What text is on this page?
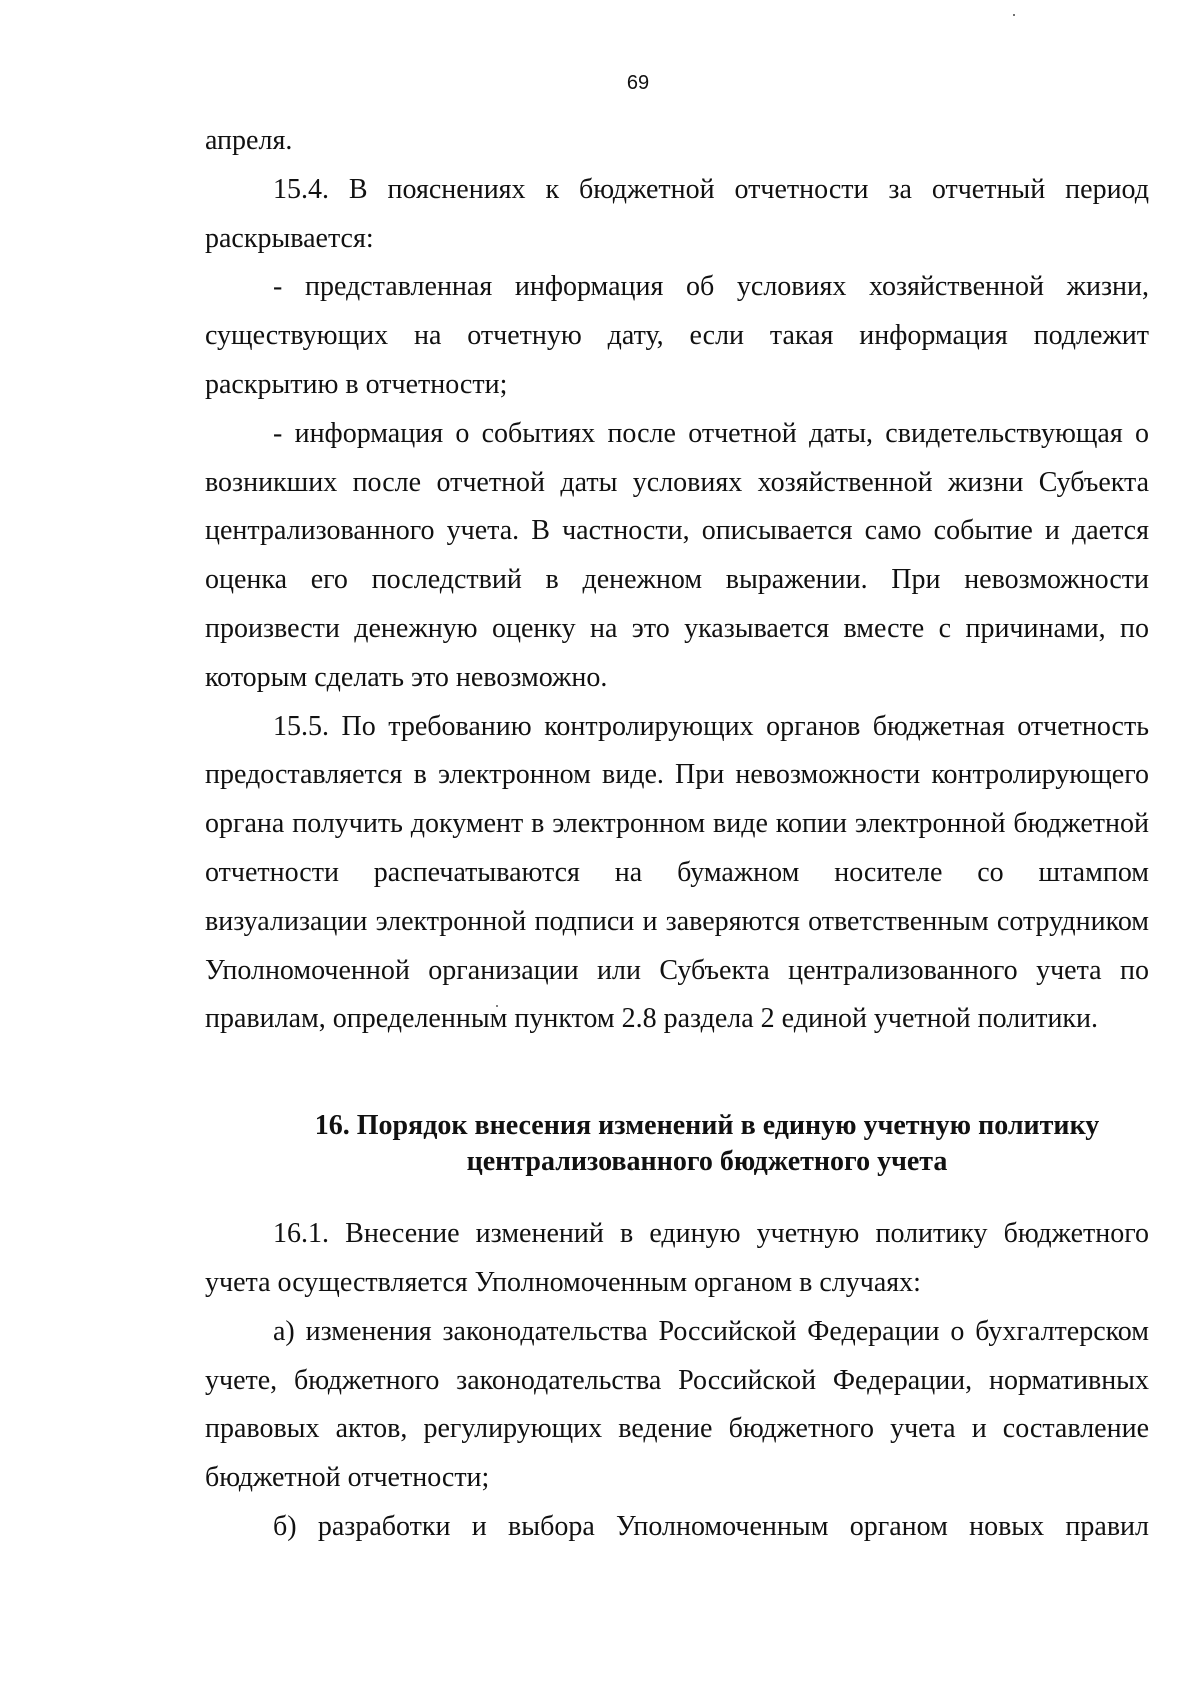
69

апреля.

15.4. В пояснениях к бюджетной отчетности за отчетный период раскрывается:

- представленная информация об условиях хозяйственной жизни, существующих на отчетную дату, если такая информация подлежит раскрытию в отчетности;

- информация о событиях после отчетной даты, свидетельствующая о возникших после отчетной даты условиях хозяйственной жизни Субъекта централизованного учета. В частности, описывается само событие и дается оценка его последствий в денежном выражении. При невозможности произвести денежную оценку на это указывается вместе с причинами, по которым сделать это невозможно.

15.5. По требованию контролирующих органов бюджетная отчетность предоставляется в электронном виде. При невозможности контролирующего органа получить документ в электронном виде копии электронной бюджетной отчетности распечатываются на бумажном носителе со штампом визуализации электронной подписи и заверяются ответственным сотрудником Уполномоченной организации или Субъекта централизованного учета по правилам, определенным пунктом 2.8 раздела 2 единой учетной политики.

16. Порядок внесения изменений в единую учетную политику
централизованного бюджетного учета

16.1. Внесение изменений в единую учетную политику бюджетного учета осуществляется Уполномоченным органом в случаях:

а) изменения законодательства Российской Федерации о бухгалтерском учете, бюджетного законодательства Российской Федерации, нормативных правовых актов, регулирующих ведение бюджетного учета и составление бюджетной отчетности;

б) разработки и выбора Уполномоченным органом новых правил
